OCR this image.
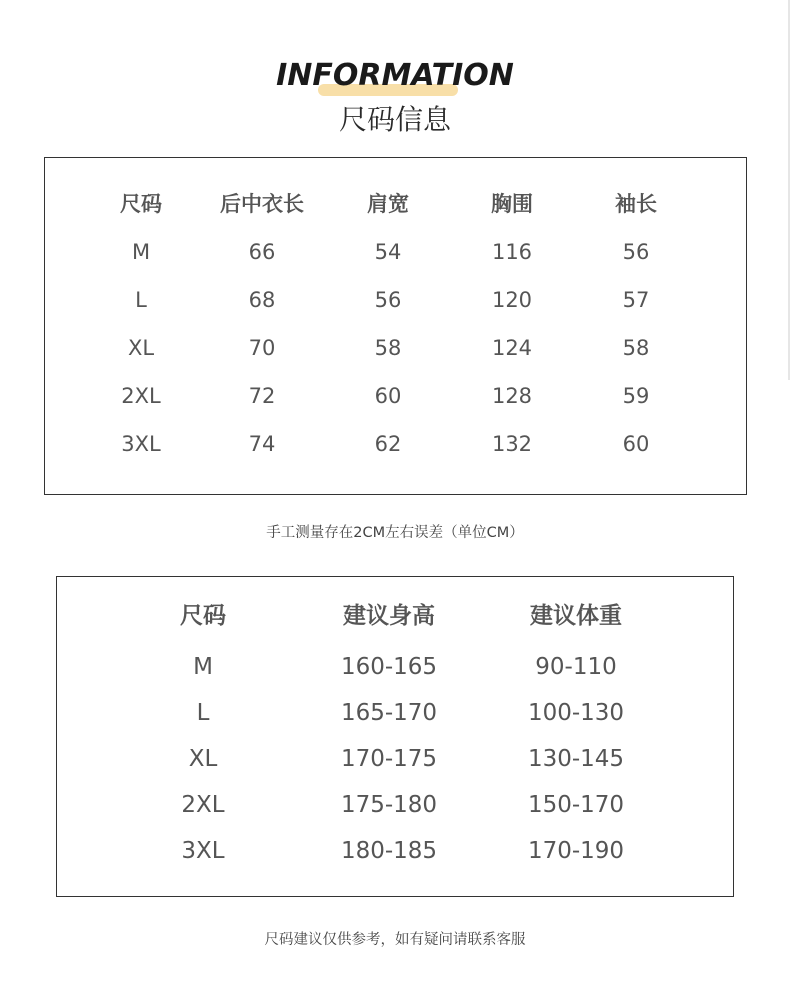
INFORMATION
尺码信息
尺码	后中衣长	肩宽	胸围	袖长
M	66	54	116	56
L	68	56	120	57
XL	70	58	124	58
2XL	72	60	128	59
3XL	74	62	132	60
手工测量存在2CM左右误差（单位CM）
尺码	建议身高	建议体重
M	160-165	90-110
L	165-170	100-130
XL	170-175	130-145
2XL	175-180	150-170
3XL	180-185	170-190
尺码建议仅供参考，如有疑问请联系客服
